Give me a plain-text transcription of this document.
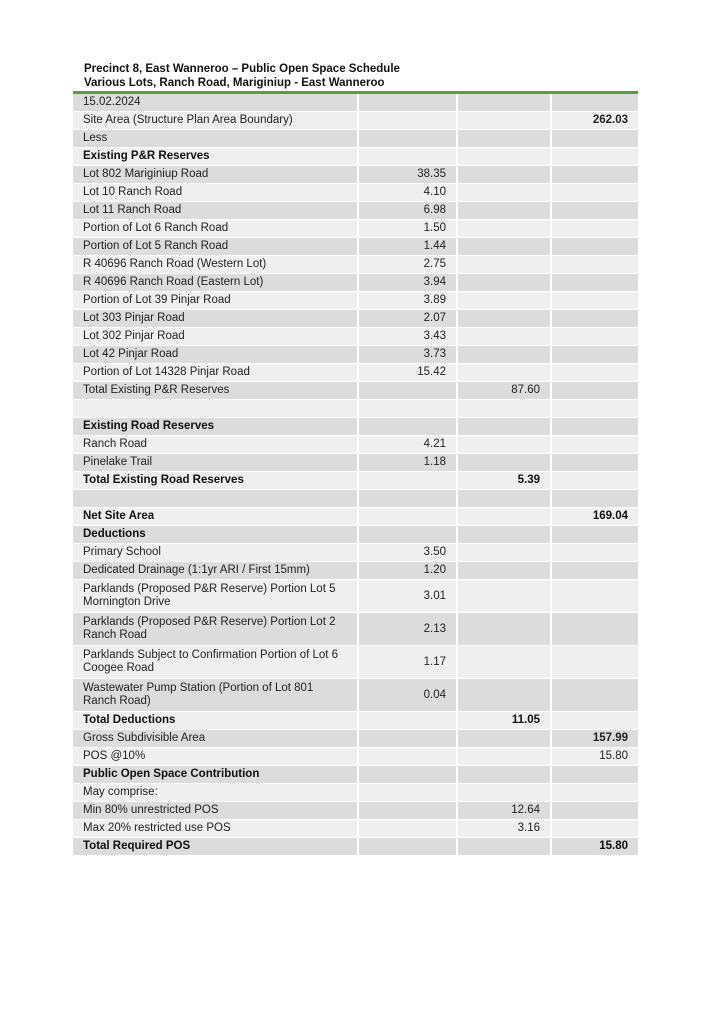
Precinct 8, East Wanneroo – Public Open Space Schedule
Various Lots, Ranch Road, Mariginiup - East Wanneroo
15.02.2024			
Site Area (Structure Plan Area Boundary)			262.03
Less			
Existing P&R Reserves			
Lot 802 Mariginiup Road	38.35		
Lot 10 Ranch Road	4.10		
Lot 11 Ranch Road	6.98		
Portion of Lot 6 Ranch Road	1.50		
Portion of Lot 5 Ranch Road	1.44		
R 40696 Ranch Road (Western Lot)	2.75		
R 40696 Ranch Road (Eastern Lot)	3.94		
Portion of Lot 39 Pinjar Road	3.89		
Lot 303 Pinjar Road	2.07		
Lot 302 Pinjar Road	3.43		
Lot 42 Pinjar Road	3.73		
Portion of Lot 14328 Pinjar Road	15.42		
Total Existing P&R Reserves		87.60	

Existing Road Reserves			
Ranch Road	4.21		
Pinelake Trail	1.18		
Total Existing Road Reserves		5.39	

Net Site Area			169.04
Deductions			
Primary School	3.50		
Dedicated Drainage (1:1yr ARI / First 15mm)	1.20		
Parklands (Proposed P&R Reserve) Portion Lot 5 Mornington Drive	3.01		
Parklands (Proposed P&R Reserve) Portion Lot 2 Ranch Road	2.13		
Parklands Subject to Confirmation Portion of Lot 6 Coogee Road	1.17		
Wastewater Pump Station (Portion of Lot 801 Ranch Road)	0.04		
Total Deductions		11.05	
Gross Subdivisible Area			157.99
POS @10%			15.80
Public Open Space Contribution			
May comprise:			
Min 80% unrestricted POS		12.64	
Max 20% restricted use POS		3.16	
Total Required POS			15.80
